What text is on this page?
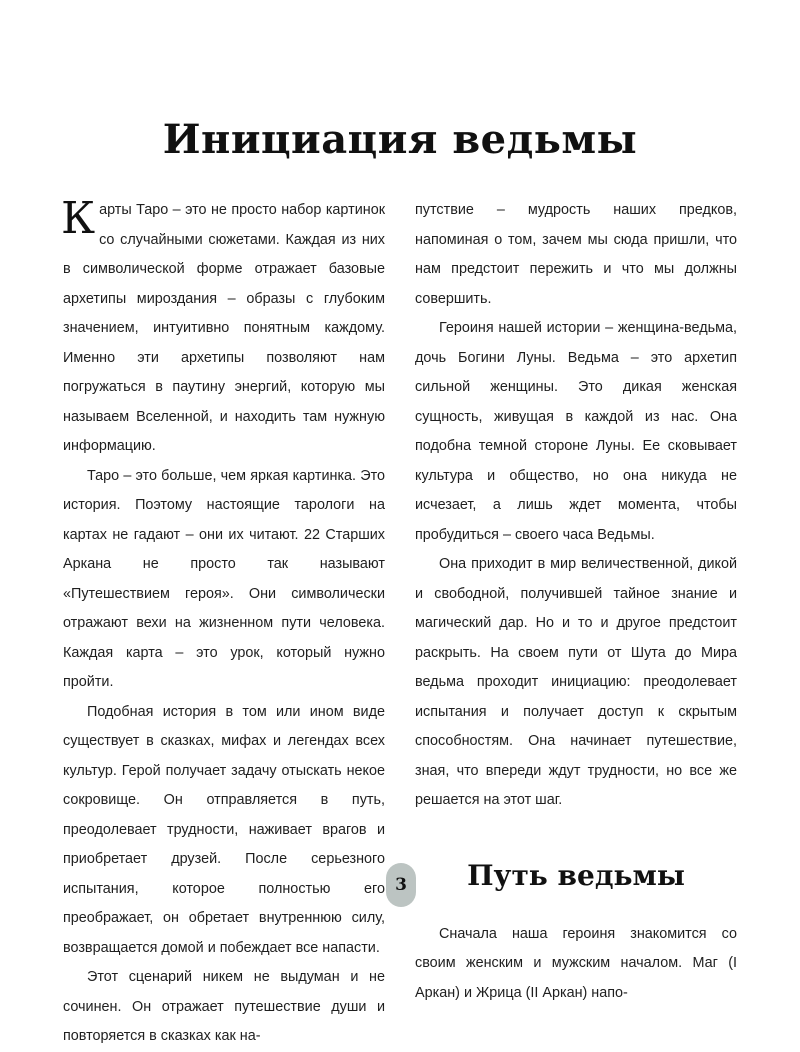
Инициация ведьмы

Карты Таро – это не просто набор картинок со случайными сюжетами. Каждая из них в символической форме отражает базовые архетипы мироздания – образы с глубоким значением, интуитивно понятным каждому. Именно эти архетипы позволяют нам погружаться в паутину энергий, которую мы называем Вселенной, и находить там нужную информацию.

Таро – это больше, чем яркая картинка. Это история. Поэтому настоящие тарологи на картах не гадают – они их читают. 22 Старших Аркана не просто так называют «Путешествием героя». Они символически отражают вехи на жизненном пути человека. Каждая карта – это урок, который нужно пройти.

Подобная история в том или ином виде существует в сказках, мифах и легендах всех культур. Герой получает задачу отыскать некое сокровище. Он отправляется в путь, преодолевает трудности, наживает врагов и приобретает друзей. После серьезного испытания, которое полностью его преображает, он обретает внутреннюю силу, возвращается домой и побеждает все напасти.

Этот сценарий никем не выдуман и не сочинен. Он отражает путешествие души и повторяется в сказках как на-

путствие – мудрость наших предков, напоминая о том, зачем мы сюда пришли, что нам предстоит пережить и что мы должны совершить.

Героиня нашей истории – женщина-ведьма, дочь Богини Луны. Ведьма – это архетип сильной женщины. Это дикая женская сущность, живущая в каждой из нас. Она подобна темной стороне Луны. Ее сковывает культура и общество, но она никуда не исчезает, а лишь ждет момента, чтобы пробудиться – своего часа Ведьмы.

Она приходит в мир величественной, дикой и свободной, получившей тайное знание и магический дар. Но и то и другое предстоит раскрыть. На своем пути от Шута до Мира ведьма проходит инициацию: преодолевает испытания и получает доступ к скрытым способностям. Она начинает путешествие, зная, что впереди ждут трудности, но все же решается на этот шаг.

Путь ведьмы

Сначала наша героиня знакомится со своим женским и мужским началом. Маг (I Аркан) и Жрица (II Аркан) напо-

3
